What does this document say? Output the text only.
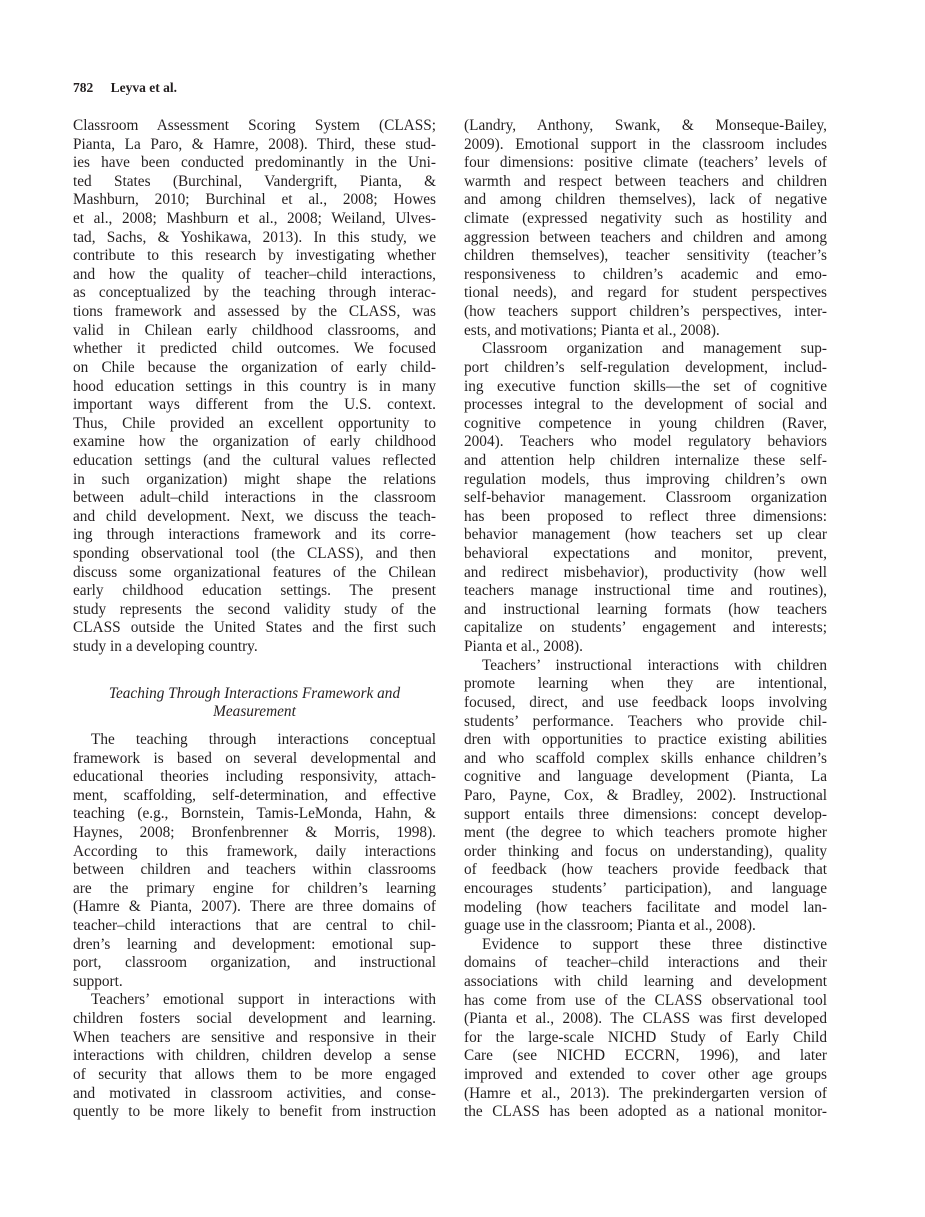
782 Leyva et al.
Classroom Assessment Scoring System (CLASS;
Pianta, La Paro, & Hamre, 2008). Third, these stud-
ies have been conducted predominantly in the Uni-
ted States (Burchinal, Vandergrift, Pianta, &
Mashburn, 2010; Burchinal et al., 2008; Howes
et al., 2008; Mashburn et al., 2008; Weiland, Ulves-
tad, Sachs, & Yoshikawa, 2013). In this study, we
contribute to this research by investigating whether
and how the quality of teacher–child interactions,
as conceptualized by the teaching through interac-
tions framework and assessed by the CLASS, was
valid in Chilean early childhood classrooms, and
whether it predicted child outcomes. We focused
on Chile because the organization of early child-
hood education settings in this country is in many
important ways different from the U.S. context.
Thus, Chile provided an excellent opportunity to
examine how the organization of early childhood
education settings (and the cultural values reflected
in such organization) might shape the relations
between adult–child interactions in the classroom
and child development. Next, we discuss the teach-
ing through interactions framework and its corre-
sponding observational tool (the CLASS), and then
discuss some organizational features of the Chilean
early childhood education settings. The present
study represents the second validity study of the
CLASS outside the United States and the first such
study in a developing country.
Teaching Through Interactions Framework and
Measurement
The teaching through interactions conceptual
framework is based on several developmental and
educational theories including responsivity, attach-
ment, scaffolding, self-determination, and effective
teaching (e.g., Bornstein, Tamis-LeMonda, Hahn, &
Haynes, 2008; Bronfenbrenner & Morris, 1998).
According to this framework, daily interactions
between children and teachers within classrooms
are the primary engine for children’s learning
(Hamre & Pianta, 2007). There are three domains of
teacher–child interactions that are central to chil-
dren’s learning and development: emotional sup-
port, classroom organization, and instructional
support.
Teachers’ emotional support in interactions with
children fosters social development and learning.
When teachers are sensitive and responsive in their
interactions with children, children develop a sense
of security that allows them to be more engaged
and motivated in classroom activities, and conse-
quently to be more likely to benefit from instruction
(Landry, Anthony, Swank, & Monseque-Bailey,
2009). Emotional support in the classroom includes
four dimensions: positive climate (teachers’ levels of
warmth and respect between teachers and children
and among children themselves), lack of negative
climate (expressed negativity such as hostility and
aggression between teachers and children and among
children themselves), teacher sensitivity (teacher’s
responsiveness to children’s academic and emo-
tional needs), and regard for student perspectives
(how teachers support children’s perspectives, inter-
ests, and motivations; Pianta et al., 2008).
Classroom organization and management sup-
port children’s self-regulation development, includ-
ing executive function skills—the set of cognitive
processes integral to the development of social and
cognitive competence in young children (Raver,
2004). Teachers who model regulatory behaviors
and attention help children internalize these self-
regulation models, thus improving children’s own
self-behavior management. Classroom organization
has been proposed to reflect three dimensions:
behavior management (how teachers set up clear
behavioral expectations and monitor, prevent,
and redirect misbehavior), productivity (how well
teachers manage instructional time and routines),
and instructional learning formats (how teachers
capitalize on students’ engagement and interests;
Pianta et al., 2008).
Teachers’ instructional interactions with children
promote learning when they are intentional,
focused, direct, and use feedback loops involving
students’ performance. Teachers who provide chil-
dren with opportunities to practice existing abilities
and who scaffold complex skills enhance children’s
cognitive and language development (Pianta, La
Paro, Payne, Cox, & Bradley, 2002). Instructional
support entails three dimensions: concept develop-
ment (the degree to which teachers promote higher
order thinking and focus on understanding), quality
of feedback (how teachers provide feedback that
encourages students’ participation), and language
modeling (how teachers facilitate and model lan-
guage use in the classroom; Pianta et al., 2008).
Evidence to support these three distinctive
domains of teacher–child interactions and their
associations with child learning and development
has come from use of the CLASS observational tool
(Pianta et al., 2008). The CLASS was first developed
for the large-scale NICHD Study of Early Child
Care (see NICHD ECCRN, 1996), and later
improved and extended to cover other age groups
(Hamre et al., 2013). The prekindergarten version of
the CLASS has been adopted as a national monitor-
